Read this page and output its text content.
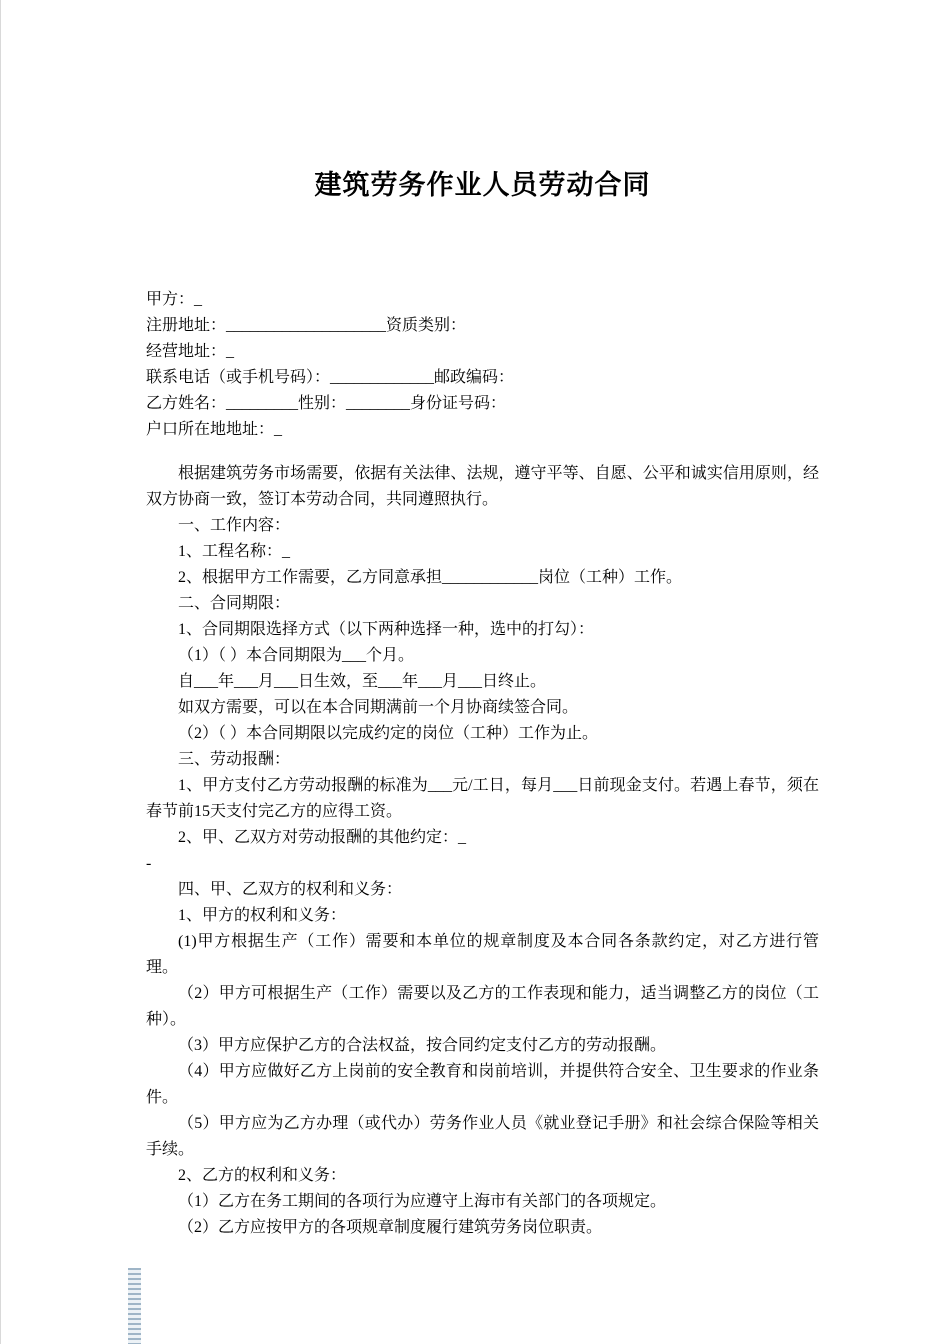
建筑劳务作业人员劳动合同

甲方：_

注册地址：____________________资质类别：

经营地址：_

联系电话（或手机号码）：_____________邮政编码：

乙方姓名：_________性别：________身份证号码：

户口所在地地址：_

根据建筑劳务市场需要，依据有关法律、法规，遵守平等、自愿、公平和诚实信用原则，经双方协商一致，签订本劳动合同，共同遵照执行。

一、工作内容：

1、工程名称：_

2、根据甲方工作需要，乙方同意承担____________岗位（工种）工作。

二、合同期限：

1、合同期限选择方式（以下两种选择一种，选中的打勾）：

（1）（ ）本合同期限为___个月。

自___年___月___日生效，至___年___月___日终止。

如双方需要，可以在本合同期满前一个月协商续签合同。

（2）（ ）本合同期限以完成约定的岗位（工种）工作为止。

三、劳动报酬：

1、甲方支付乙方劳动报酬的标准为___元/工日，每月___日前现金支付。若遇上春节，须在春节前15天支付完乙方的应得工资。

2、甲、乙双方对劳动报酬的其他约定：_

-

四、甲、乙双方的权利和义务：

1、甲方的权利和义务：

(1)甲方根据生产（工作）需要和本单位的规章制度及本合同各条款约定，对乙方进行管理。

（2）甲方可根据生产（工作）需要以及乙方的工作表现和能力，适当调整乙方的岗位（工种）。

（3）甲方应保护乙方的合法权益，按合同约定支付乙方的劳动报酬。

（4）甲方应做好乙方上岗前的安全教育和岗前培训，并提供符合安全、卫生要求的作业条件。

（5）甲方应为乙方办理（或代办）劳务作业人员《就业登记手册》和社会综合保险等相关手续。

2、乙方的权利和义务：

（1）乙方在务工期间的各项行为应遵守上海市有关部门的各项规定。

（2）乙方应按甲方的各项规章制度履行建筑劳务岗位职责。
